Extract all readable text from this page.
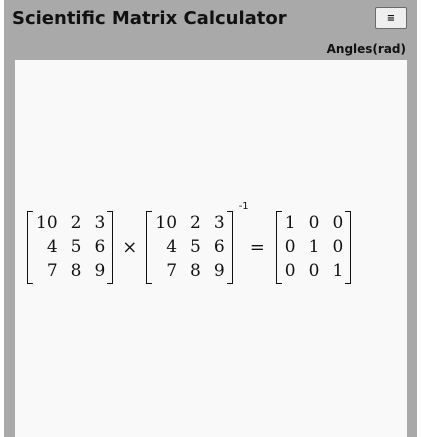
Scientific Matrix Calculator	≡
Angles(rad)
10 2 3
4 5 6
7 8 9
×
10 2 3
4 5 6
7 8 9
-1
=
1 0 0
0 1 0
0 0 1
